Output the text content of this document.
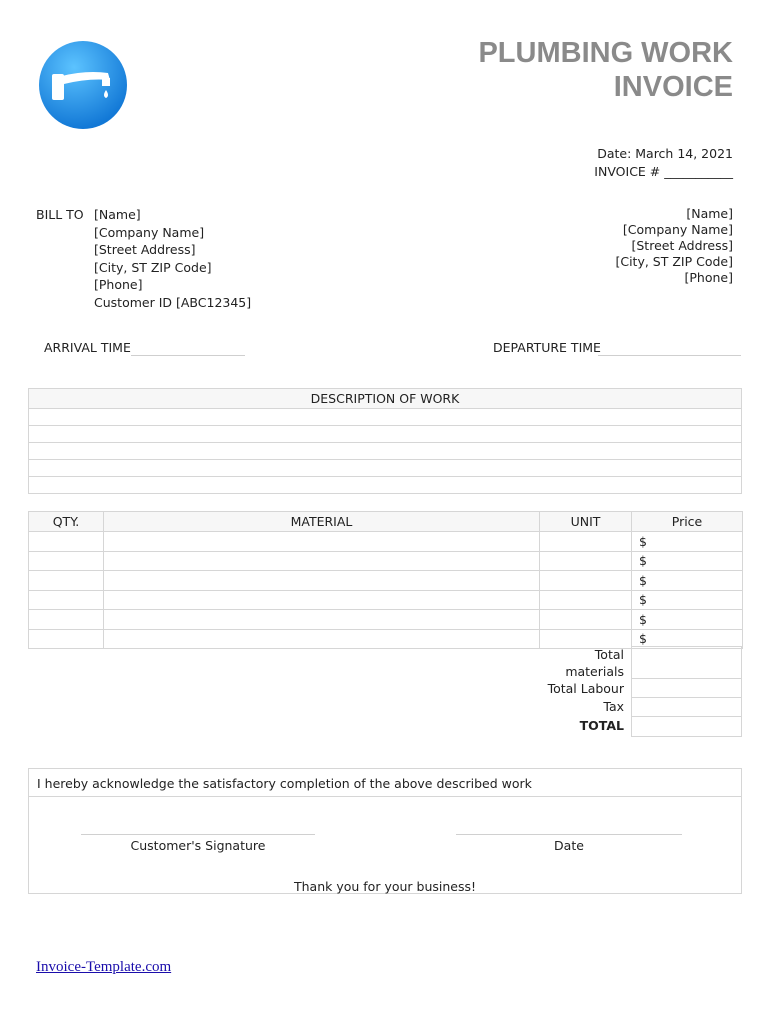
PLUMBING WORK
INVOICE
Date: March 14, 2021
INVOICE # ___________
BILL TO [Name]
[Company Name]
[Street Address]
[City, ST ZIP Code]
[Phone]
Customer ID [ABC12345]
[Name]
[Company Name]
[Street Address]
[City, ST ZIP Code]
[Phone]
ARRIVAL TIME	DEPARTURE TIME
DESCRIPTION OF WORK

QTY.	MATERIAL	UNIT	Price
			$
			$
			$
			$
			$
			$
Total
materials
Total Labour
Tax
TOTAL

I hereby acknowledge the satisfactory completion of the above described work
Customer's Signature	Date
Thank you for your business!
Invoice-Template.com
